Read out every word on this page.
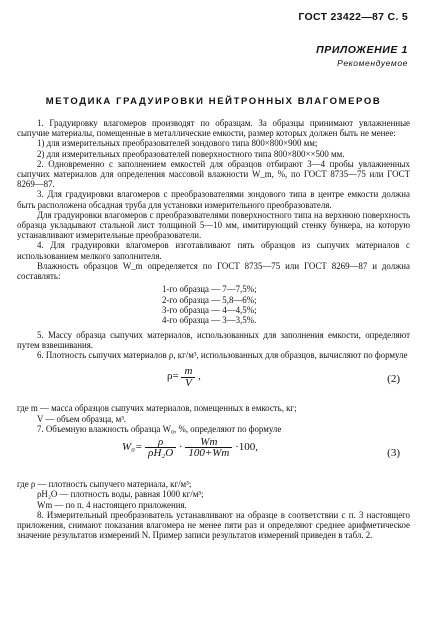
ГОСТ 23422—87 С. 5
ПРИЛОЖЕНИЕ 1
Рекомендуемое
МЕТОДИКА ГРАДУИРОВКИ НЕЙТРОННЫХ ВЛАГОМЕРОВ

1. Градуировку влагомеров производят по образцам. За образцы принимают увлажненные сыпучие материалы, помещенные в металлические емкости, размер которых должен быть не менее:

1) для измерительных преобразователей зондового типа 800×800×900 мм;

2) для измерительных преобразователей поверхностного типа 800×800××500 мм.

2. Одновременно с заполнением емкостей для образцов отбирают 3—4 пробы увлажненных сыпучих материалов для определения массовой влажности W_m, %, по ГОСТ 8735—75 или ГОСТ 8269—87.

3. Для градуировки влагомеров с преобразователями зондового типа в центре емкости должна быть расположена обсадная труба для установки измерительного преобразователя.

Для градуировки влагомеров с преобразователями поверхностного типа на верхнюю поверхность образца укладывают стальной лист толщиной 5—10 мм, имитирующий стенку бункера, на которую устанавливают измерительные преобразователи.

4. Для градуировки влагомеров изготавливают пять образцов из сыпучих материалов с использованием мелкого заполнителя.

Влажность образцов W_m определяется по ГОСТ 8735—75 или ГОСТ 8269—87 и должна составлять:

1-го образца — 7—7,5%;
2-го образца — 5,8—6%;
3-го образца — 4—4,5%;
4-го образца — 3—3,5%.

5. Массу образца сыпучих материалов, использованных для заполнения емкости, определяют путем взвешивания.

6. Плотность сыпучих материалов ρ, кг/м³, использованных для образцов, вычисляют по формуле

$\rho= \frac{m}{V}$ ,	(2)

где m — масса образцов сыпучих материалов, помещенных в емкость, кг;

V — объем образца, м³.

7. Объемную влажность образца W₀, %, определяют по формуле

$W_0= \frac{\rho}{\text{ρH₂O}} \cdot \frac{Wm}{100+Wm} \cdot 100$,	(3)

где ρ — плотность сыпучего материала, кг/м³;

ρH₂O — плотность воды, равная 1000 кг/м³;

Wm — по п. 4 настоящего приложения.

8. Измерительный преобразователь устанавливают на образце в соответствии с п. 3 настоящего приложения, снимают показания влагомера не менее пяти раз и определяют среднее арифметическое значение результатов измерений N. Пример записи результатов измерений приведен в табл. 2.
